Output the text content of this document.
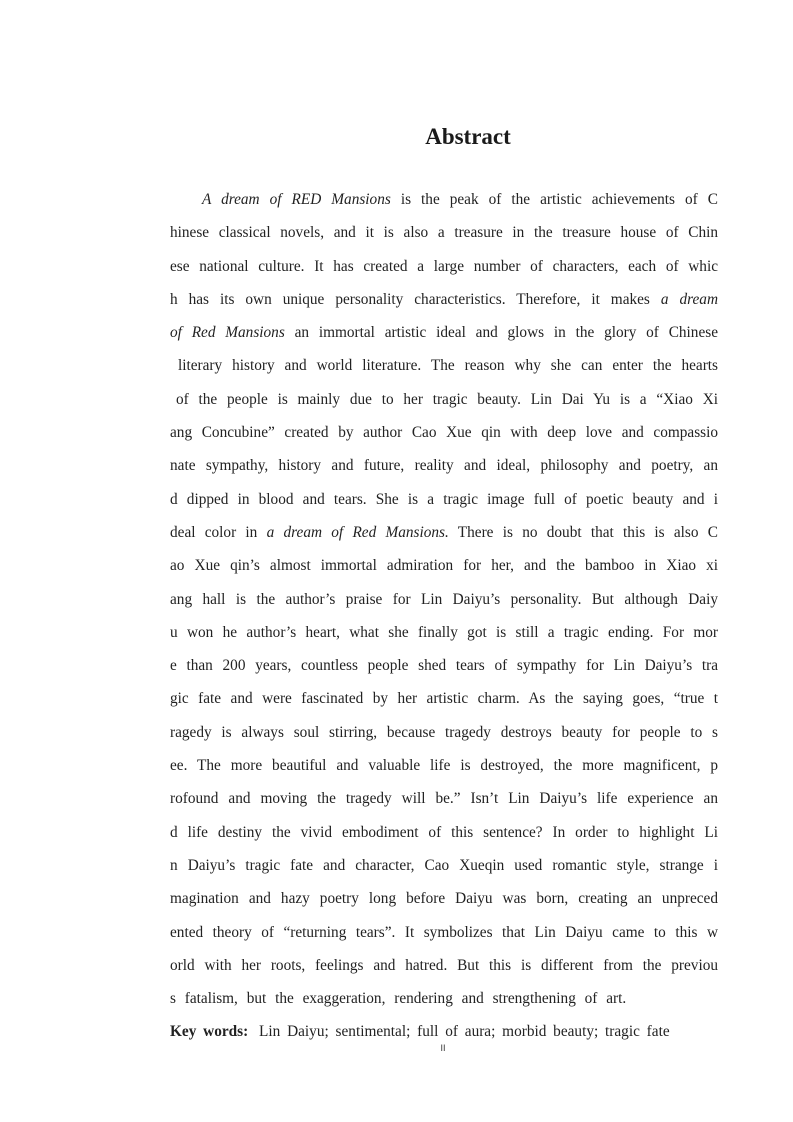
Abstract
A dream of RED Mansions is the peak of the artistic achievements of C
hinese classical novels, and it is also a treasure in the treasure house of Chin
ese national culture. It has created a large number of characters, each of whic
h has its own unique personality characteristics. Therefore, it makes a dream
of Red Mansions an immortal artistic ideal and glows in the glory of Chinese
literary history and world literature. The reason why she can enter the hearts
of the people is mainly due to her tragic beauty. Lin Dai Yu is a “Xiao Xi
ang Concubine” created by author Cao Xue qin with deep love and compassio
nate sympathy, history and future, reality and ideal, philosophy and poetry, an
d dipped in blood and tears. She is a tragic image full of poetic beauty and i
deal color in a dream of Red Mansions. There is no doubt that this is also C
ao Xue qin’s almost immortal admiration for her, and the bamboo in Xiao xi
ang hall is the author’s praise for Lin Daiyu’s personality. But although Daiy
u won he author’s heart, what she finally got is still a tragic ending. For mor
e than 200 years, countless people shed tears of sympathy for Lin Daiyu’s tra
gic fate and were fascinated by her artistic charm. As the saying goes, “true t
ragedy is always soul stirring, because tragedy destroys beauty for people to s
ee. The more beautiful and valuable life is destroyed, the more magnificent, p
rofound and moving the tragedy will be.” Isn’t Lin Daiyu’s life experience an
d life destiny the vivid embodiment of this sentence? In order to highlight Li
n Daiyu’s tragic fate and character, Cao Xueqin used romantic style, strange i
magination and hazy poetry long before Daiyu was born, creating an unpreced
ented theory of “returning tears”. It symbolizes that Lin Daiyu came to this w
orld with her roots, feelings and hatred. But this is different from the previou
s fatalism, but the exaggeration, rendering and strengthening of art.
Key words: Lin Daiyu; sentimental; full of aura; morbid beauty; tragic fate
II
